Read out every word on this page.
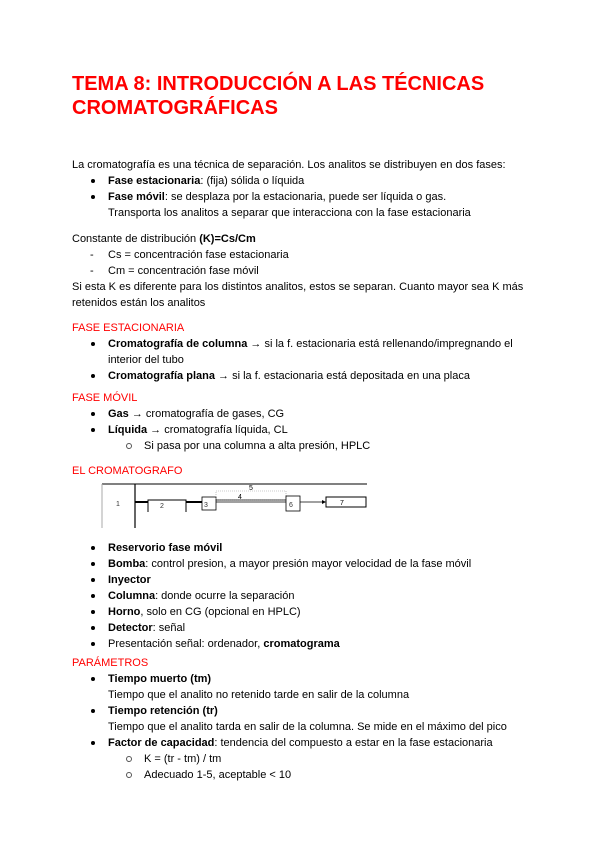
TEMA 8: INTRODUCCIÓN A LAS TÉCNICAS
CROMATOGRÁFICAS

La cromatografía es una técnica de separación. Los analitos se distribuyen en dos fases:

Fase estacionaria: (fija) sólida o líquida
Fase móvil: se desplaza por la estacionaria, puede ser líquida o gas.
Transporta los analitos a separar que interacciona con la fase estacionaria

Constante de distribución (K)=Cs/Cm

- Cs = concentración fase estacionaria
- Cm = concentración fase móvil

Si esta K es diferente para los distintos analitos, estos se separan. Cuanto mayor sea K más
retenidos están los analitos

FASE ESTACIONARIA

Cromatografía de columna → si la f. estacionaria está rellenando/impregnando el
interior del tubo
Cromatografía plana → si la f. estacionaria está depositada en una placa

FASE MÓVIL

Gas → cromatografía de gases, CG
Líquida → cromatografía líquida, CL
Si pasa por una columna a alta presión, HPLC

EL CROMATOGRAFO

1	2	3
5
4
6	7
Reservorio fase móvil
Bomba: control presion, a mayor presión mayor velocidad de la fase móvil
Inyector
Columna: donde ocurre la separación
Horno, solo en CG (opcional en HPLC)
Detector: señal
Presentación señal: ordenador, cromatograma

PARÁMETROS

Tiempo muerto (tm)
Tiempo que el analito no retenido tarde en salir de la columna
Tiempo retención (tr)
Tiempo que el analito tarda en salir de la columna. Se mide en el máximo del pico
Factor de capacidad: tendencia del compuesto a estar en la fase estacionaria
K = (tr - tm) / tm
Adecuado 1-5, aceptable < 10
